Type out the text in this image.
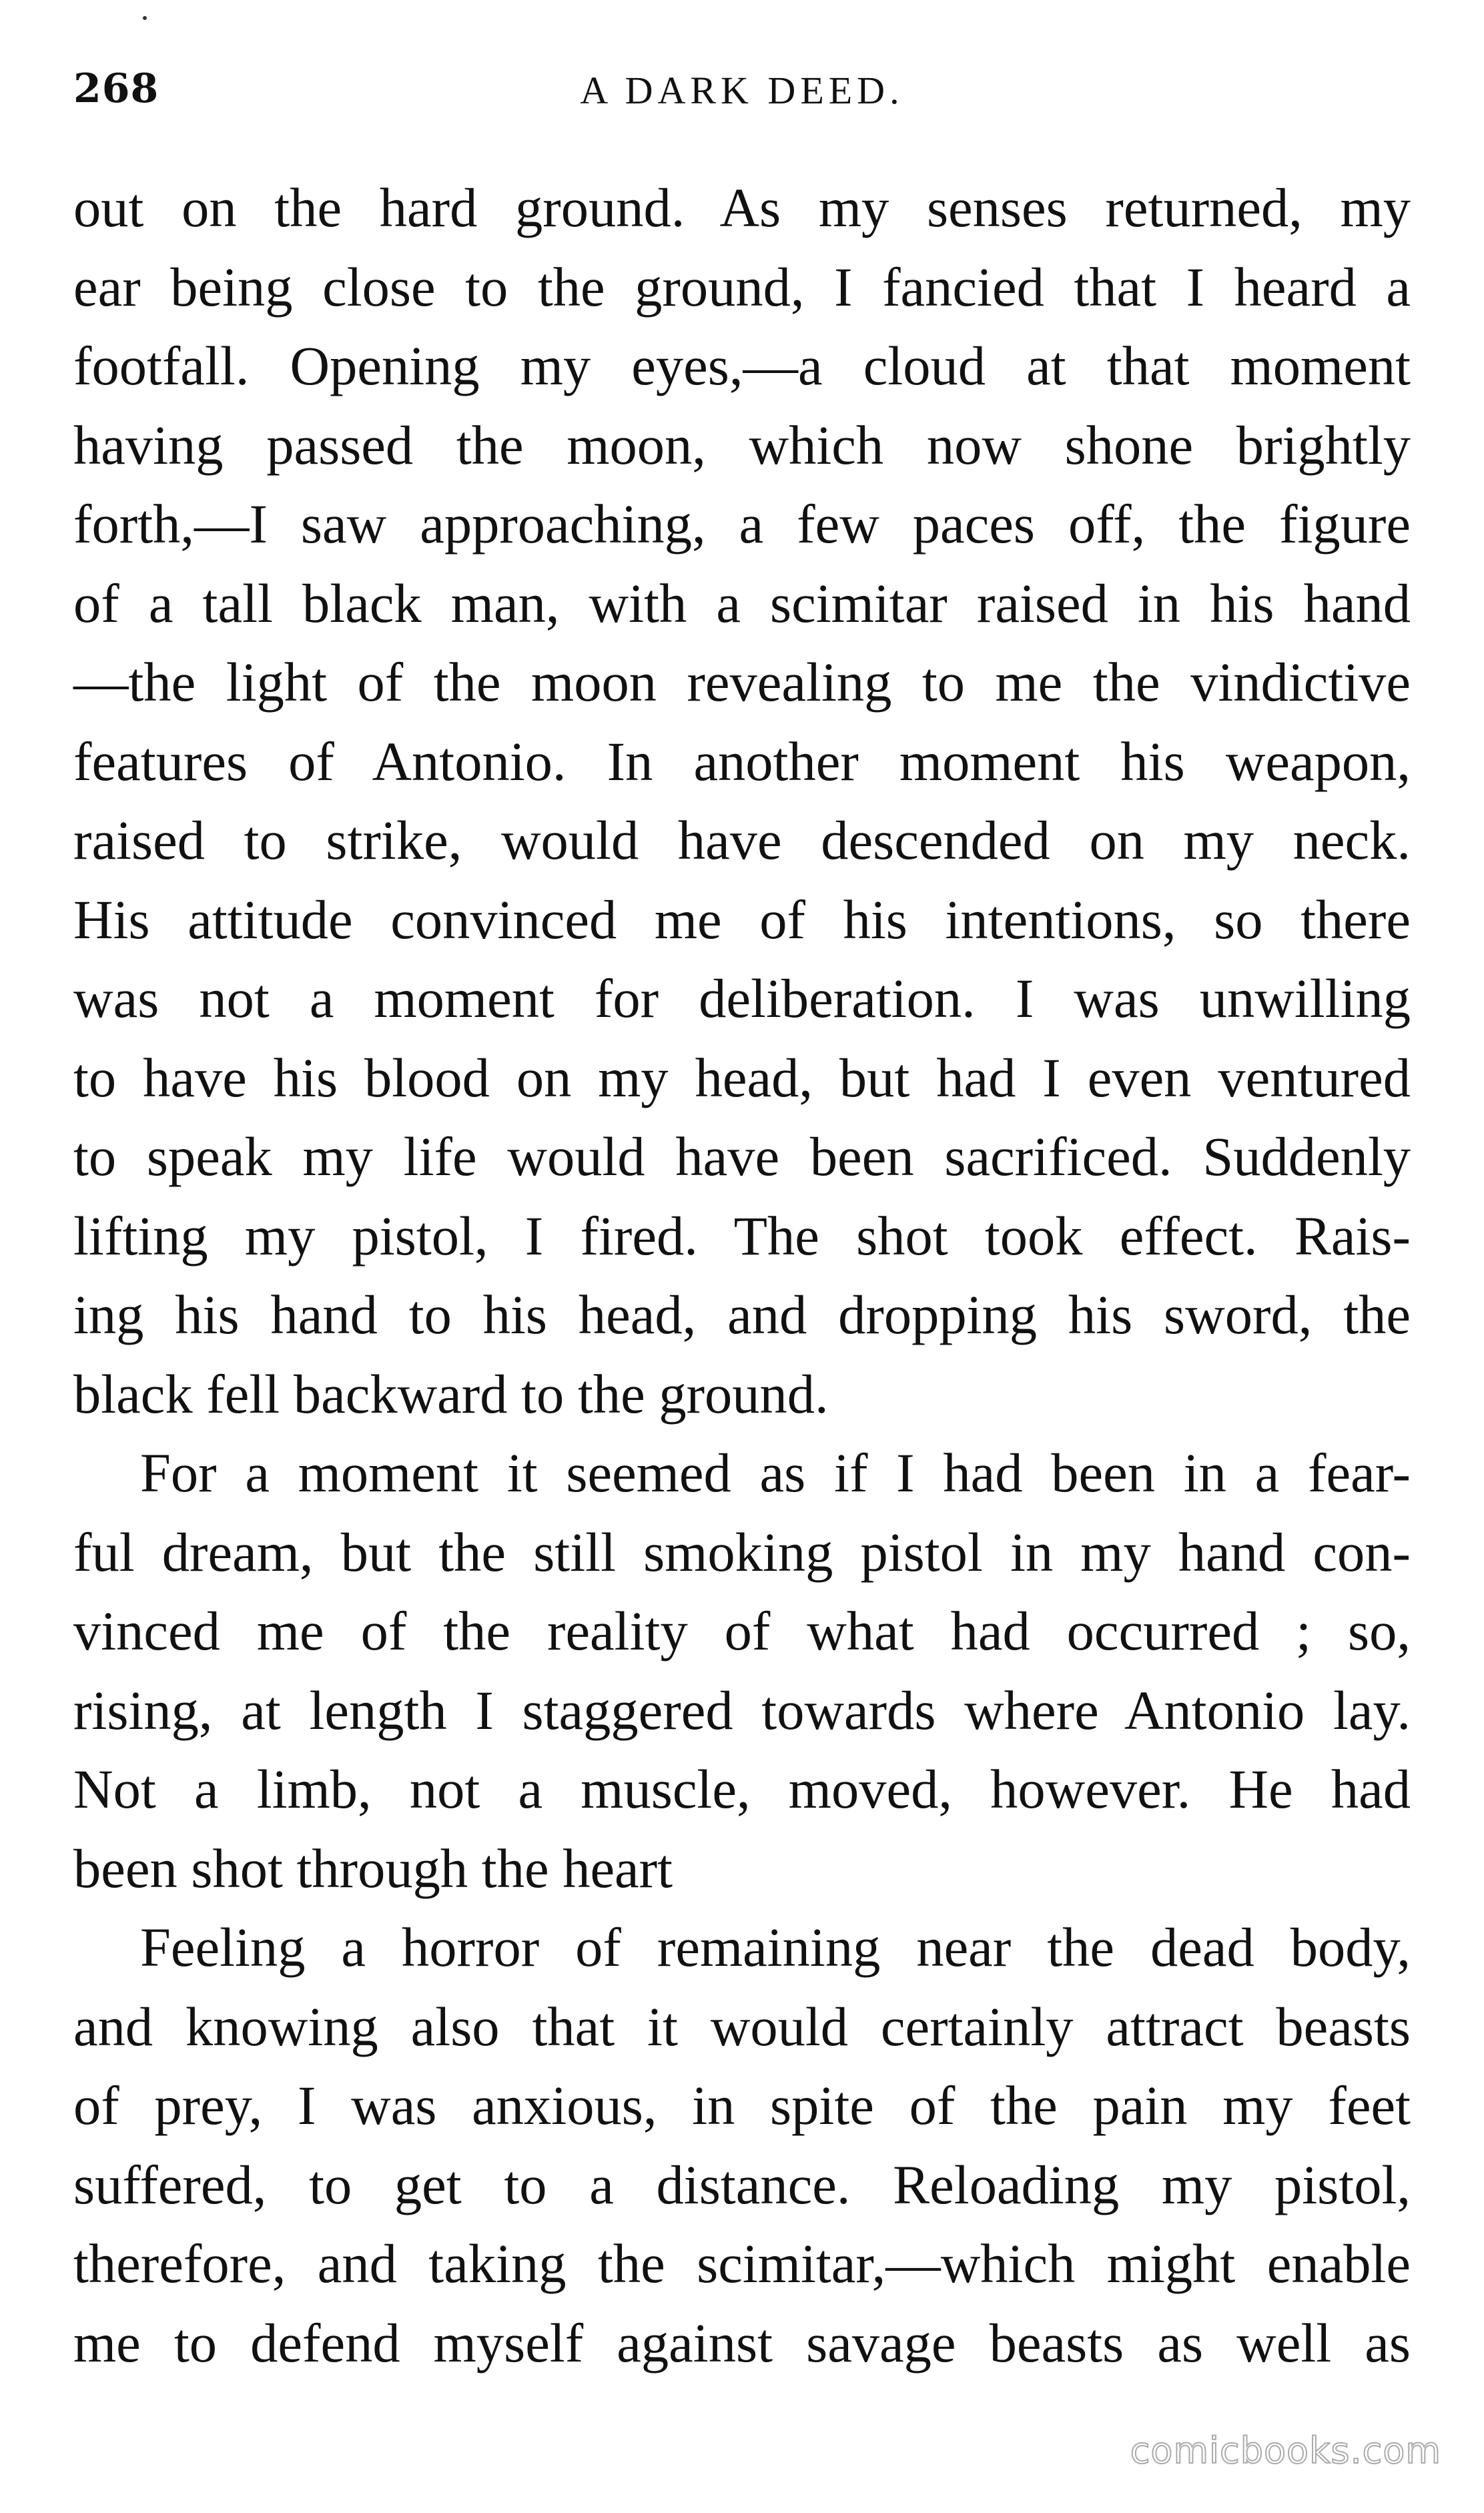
268	A DARK DEED.

out on the hard ground. As my senses returned, my
ear being close to the ground, I fancied that I heard a
footfall. Opening my eyes,—a cloud at that moment
having passed the moon, which now shone brightly
forth,—I saw approaching, a few paces off, the figure
of a tall black man, with a scimitar raised in his hand
—the light of the moon revealing to me the vindictive
features of Antonio. In another moment his weapon,
raised to strike, would have descended on my neck.
His attitude convinced me of his intentions, so there
was not a moment for deliberation. I was unwilling
to have his blood on my head, but had I even ventured
to speak my life would have been sacrificed. Suddenly
lifting my pistol, I fired. The shot took effect. Rais-
ing his hand to his head, and dropping his sword, the
black fell backward to the ground.

For a moment it seemed as if I had been in a fear-
ful dream, but the still smoking pistol in my hand con-
vinced me of the reality of what had occurred ; so,
rising, at length I staggered towards where Antonio lay.
Not a limb, not a muscle, moved, however. He had
been shot through the heart

Feeling a horror of remaining near the dead body,
and knowing also that it would certainly attract beasts
of prey, I was anxious, in spite of the pain my feet
suffered, to get to a distance. Reloading my pistol,
therefore, and taking the scimitar,—which might enable
me to defend myself against savage beasts as well as

comicbooks.com
